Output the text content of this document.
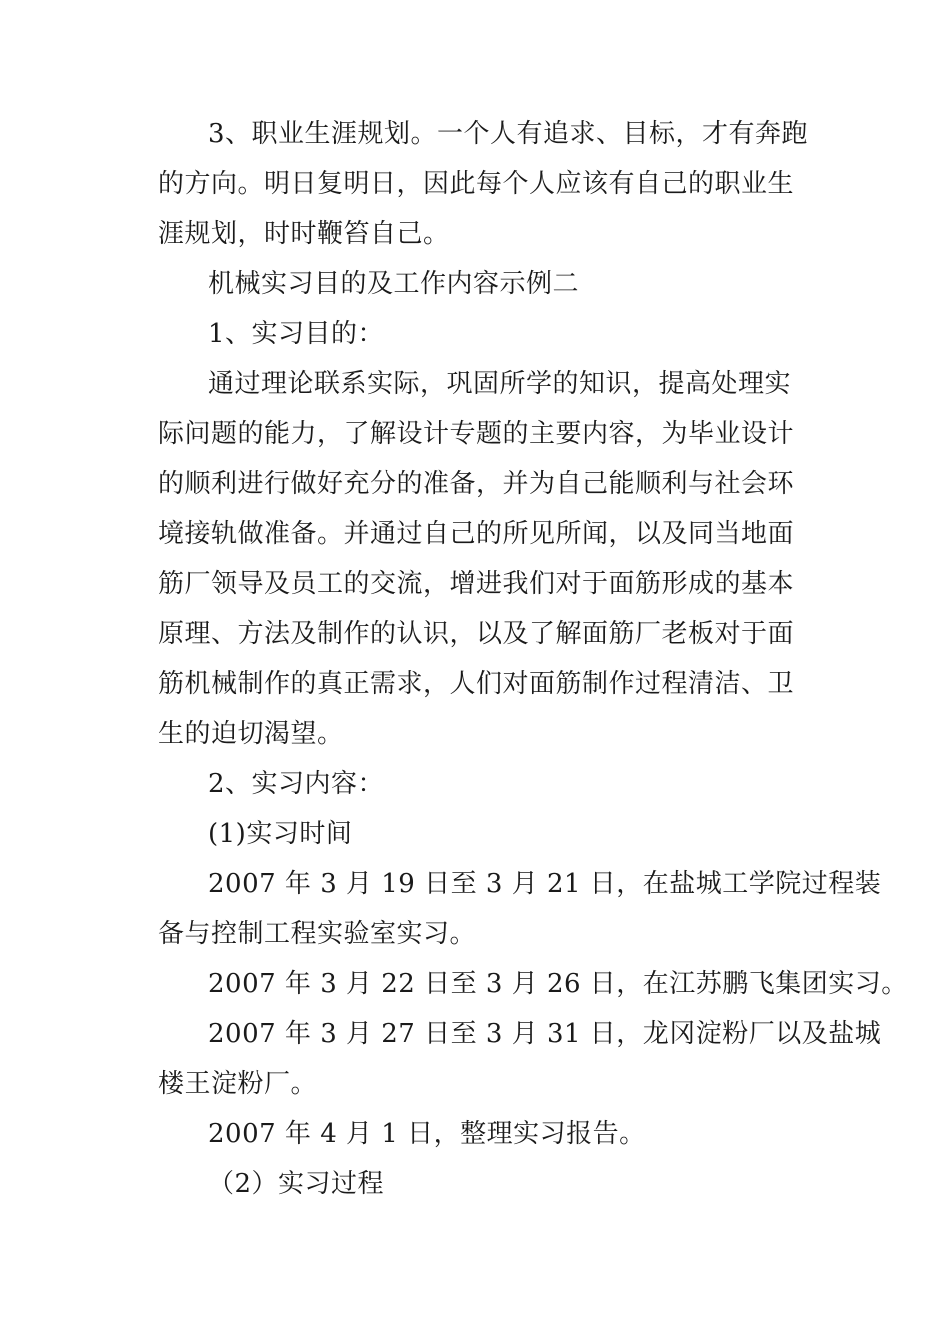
3、职业生涯规划。一个人有追求、目标，才有奔跑
的方向。明日复明日，因此每个人应该有自己的职业生
涯规划，时时鞭笞自己。
机械实习目的及工作内容示例二
1、实习目的：
通过理论联系实际，巩固所学的知识，提高处理实
际问题的能力，了解设计专题的主要内容，为毕业设计
的顺利进行做好充分的准备，并为自己能顺利与社会环
境接轨做准备。并通过自己的所见所闻，以及同当地面
筋厂领导及员工的交流，增进我们对于面筋形成的基本
原理、方法及制作的认识，以及了解面筋厂老板对于面
筋机械制作的真正需求，人们对面筋制作过程清洁、卫
生的迫切渴望。
2、实习内容：
(1)实习时间
2007 年 3 月 19 日至 3 月 21 日，在盐城工学院过程装
备与控制工程实验室实习。
2007 年 3 月 22 日至 3 月 26 日，在江苏鹏飞集团实习。
2007 年 3 月 27 日至 3 月 31 日，龙冈淀粉厂以及盐城
楼王淀粉厂。
2007 年 4 月 1 日，整理实习报告。
（2）实习过程
